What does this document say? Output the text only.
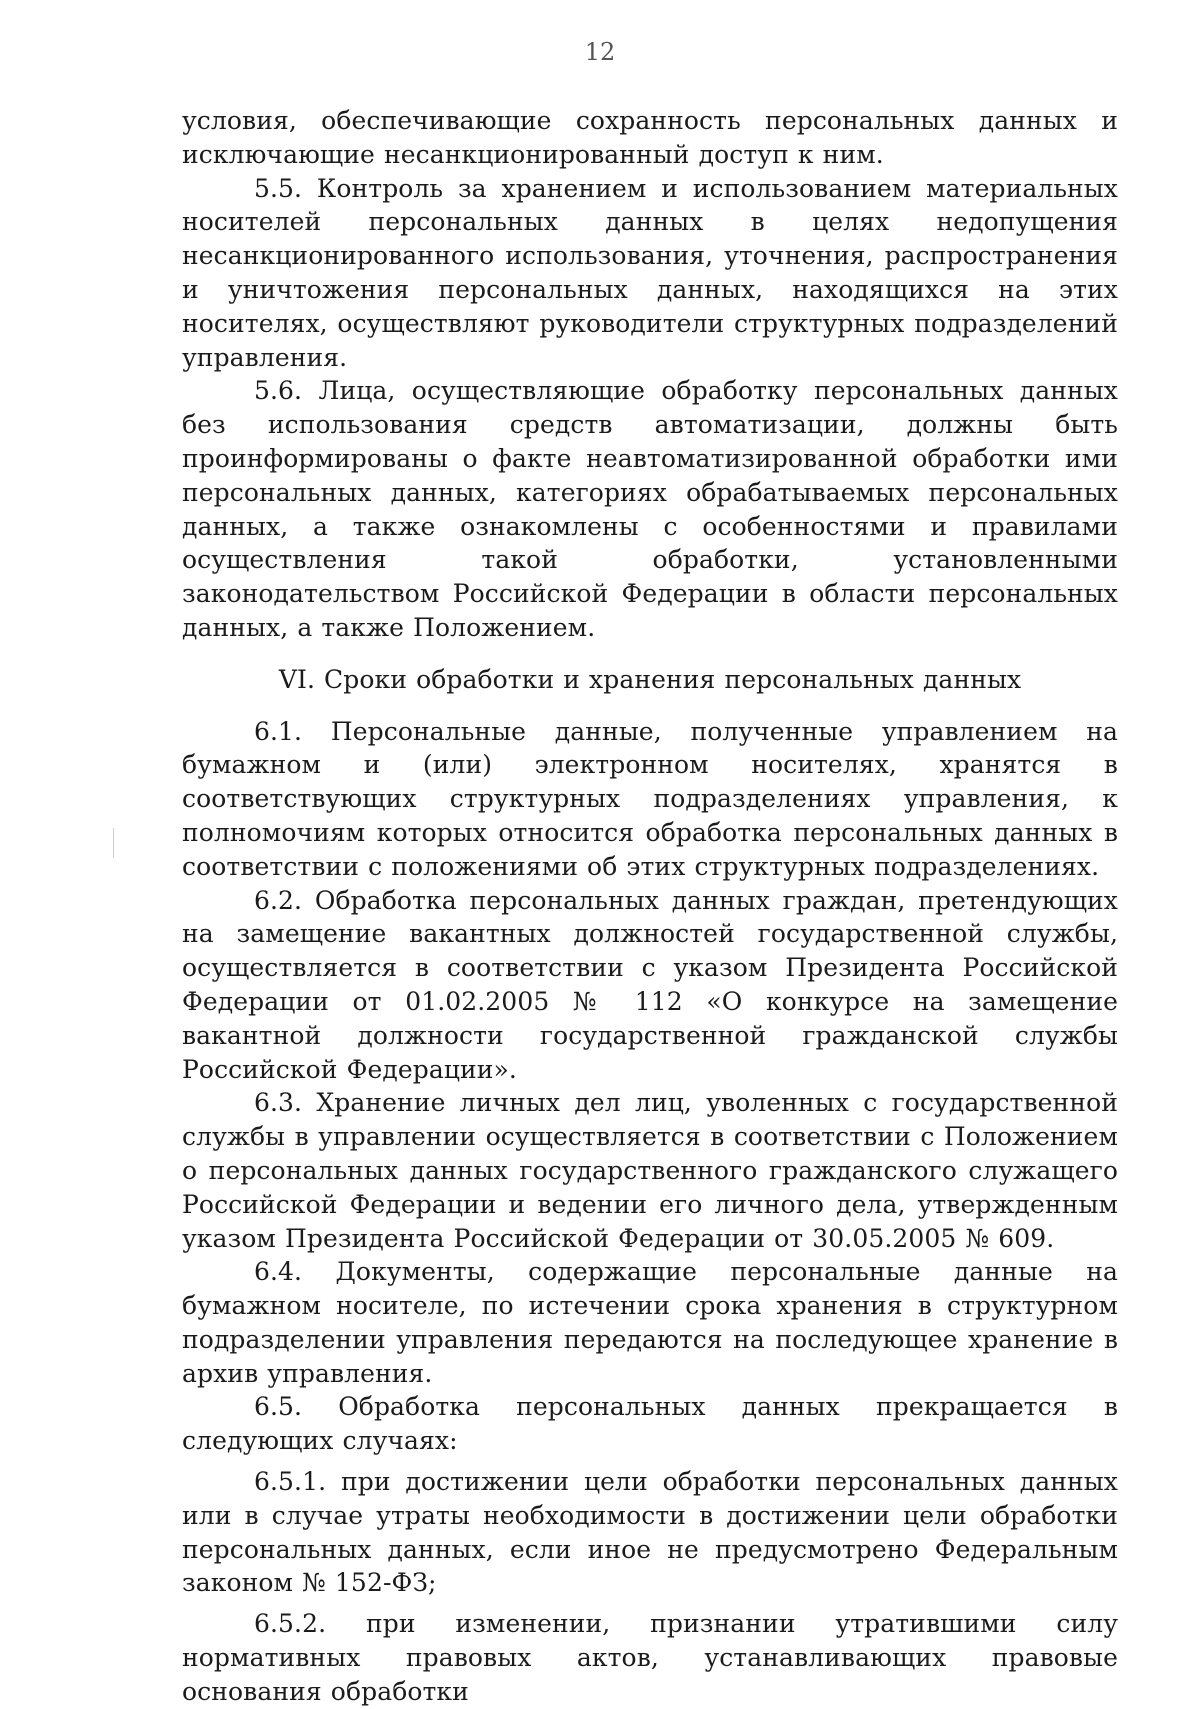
12

условия, обеспечивающие сохранность персональных данных и исключающие несанкционированный доступ к ним.

5.5. Контроль за хранением и использованием материальных носителей персональных данных в целях недопущения несанкционированного использования, уточнения, распространения и уничтожения персональных данных, находящихся на этих носителях, осуществляют руководители структурных подразделений управления.

5.6. Лица, осуществляющие обработку персональных данных без использования средств автоматизации, должны быть проинформированы о факте неавтоматизированной обработки ими персональных данных, категориях обрабатываемых персональных данных, а также ознакомлены с особенностями и правилами осуществления такой обработки, установленными законодательством Российской Федерации в области персональных данных, а также Положением.

VI. Сроки обработки и хранения персональных данных

6.1. Персональные данные, полученные управлением на бумажном и (или) электронном носителях, хранятся в соответствующих структурных подразделениях управления, к полномочиям которых относится обработка персональных данных в соответствии с положениями об этих структурных подразделениях.

6.2. Обработка персональных данных граждан, претендующих на замещение вакантных должностей государственной службы, осуществляется в соответствии с указом Президента Российской Федерации от 01.02.2005 № 112 «О конкурсе на замещение вакантной должности государственной гражданской службы Российской Федерации».

6.3. Хранение личных дел лиц, уволенных с государственной службы в управлении осуществляется в соответствии с Положением о персональных данных государственного гражданского служащего Российской Федерации и ведении его личного дела, утвержденным указом Президента Российской Федерации от 30.05.2005 № 609.

6.4. Документы, содержащие персональные данные на бумажном носителе, по истечении срока хранения в структурном подразделении управления передаются на последующее хранение в архив управления.

6.5. Обработка персональных данных прекращается в следующих случаях:

6.5.1. при достижении цели обработки персональных данных или в случае утраты необходимости в достижении цели обработки персональных данных, если иное не предусмотрено Федеральным законом № 152-ФЗ;

6.5.2. при изменении, признании утратившими силу нормативных правовых актов, устанавливающих правовые основания обработки
